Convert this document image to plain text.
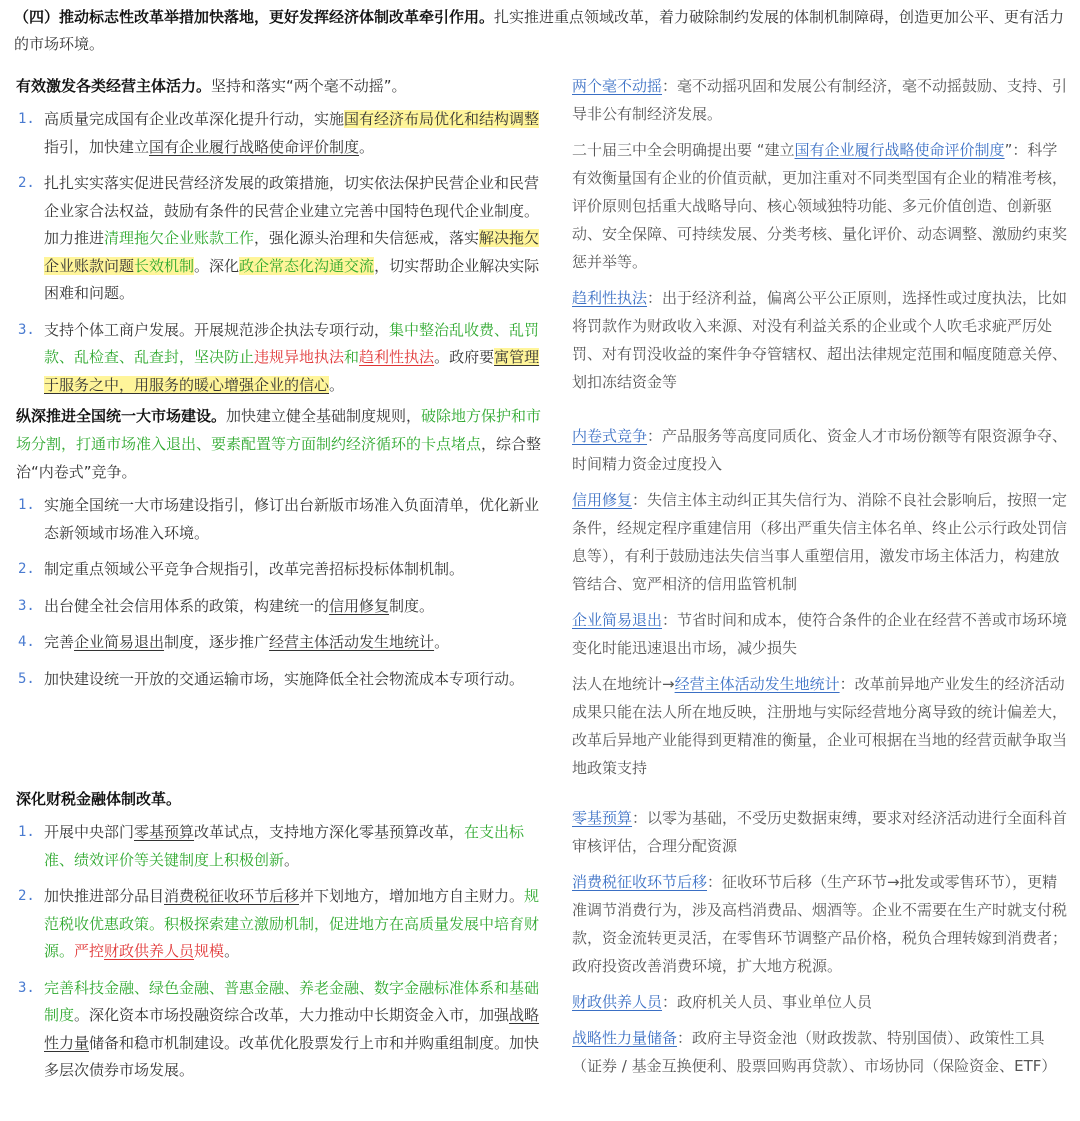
（四）推动标志性改革举措加快落地，更好发挥经济体制改革牵引作用。扎实推进重点领域改革，着力破除制约发展的体制机制障碍，创造更加公平、更有活力的市场环境。

有效激发各类经营主体活力。坚持和落实“两个毫不动摇”。

1. 高质量完成国有企业改革深化提升行动，实施国有经济布局优化和结构调整指引，加快建立国有企业履行战略使命评价制度。
2. 扎扎实实落实促进民营经济发展的政策措施，切实依法保护民营企业和民营企业家合法权益，鼓励有条件的民营企业建立完善中国特色现代企业制度。加力推进清理拖欠企业账款工作，强化源头治理和失信惩戒，落实解决拖欠企业账款问题长效机制。深化政企常态化沟通交流，切实帮助企业解决实际困难和问题。
3. 支持个体工商户发展。开展规范涉企执法专项行动，集中整治乱收费、乱罚款、乱检查、乱查封，坚决防止违规异地执法和趋利性执法。政府要寓管理于服务之中，用服务的暖心增强企业的信心。

纵深推进全国统一大市场建设。加快建立健全基础制度规则，破除地方保护和市场分割，打通市场准入退出、要素配置等方面制约经济循环的卡点堵点，综合整治“内卷式”竞争。

1. 实施全国统一大市场建设指引，修订出台新版市场准入负面清单，优化新业态新领域市场准入环境。
2. 制定重点领域公平竞争合规指引，改革完善招标投标体制机制。
3. 出台健全社会信用体系的政策，构建统一的信用修复制度。
4. 完善企业简易退出制度，逐步推广经营主体活动发生地统计。
5. 加快建设统一开放的交通运输市场，实施降低全社会物流成本专项行动。

深化财税金融体制改革。

1. 开展中央部门零基预算改革试点，支持地方深化零基预算改革，在支出标准、绩效评价等关键制度上积极创新。
2. 加快推进部分品目消费税征收环节后移并下划地方，增加地方自主财力。规范税收优惠政策。积极探索建立激励机制，促进地方在高质量发展中培育财源。严控财政供养人员规模。
3. 完善科技金融、绿色金融、普惠金融、养老金融、数字金融标准体系和基础制度。深化资本市场投融资综合改革，大力推动中长期资金入市，加强战略性力量储备和稳市机制建设。改革优化股票发行上市和并购重组制度。加快多层次债券市场发展。

两个毫不动摇：毫不动摇巩固和发展公有制经济，毫不动摇鼓励、支持、引导非公有制经济发展。

二十届三中全会明确提出要 “建立国有企业履行战略使命评价制度”：科学有效衡量国有企业的价值贡献，更加注重对不同类型国有企业的精准考核，评价原则包括重大战略导向、核心领域独特功能、多元价值创造、创新驱动、安全保障、可持续发展、分类考核、量化评价、动态调整、激励约束奖惩并举等。

趋利性执法：出于经济利益，偏离公平公正原则，选择性或过度执法，比如将罚款作为财政收入来源、对没有利益关系的企业或个人吹毛求疵严厉处罚、对有罚没收益的案件争夺管辖权、超出法律规定范围和幅度随意关停、划扣冻结资金等

内卷式竞争：产品服务等高度同质化、资金人才市场份额等有限资源争夺、时间精力资金过度投入

信用修复：失信主体主动纠正其失信行为、消除不良社会影响后，按照一定条件，经规定程序重建信用（移出严重失信主体名单、终止公示行政处罚信息等），有利于鼓励违法失信当事人重塑信用，激发市场主体活力，构建放管结合、宽严相济的信用监管机制

企业简易退出：节省时间和成本，使符合条件的企业在经营不善或市场环境变化时能迅速退出市场，减少损失

法人在地统计→经营主体活动发生地统计：改革前异地产业发生的经济活动成果只能在法人所在地反映，注册地与实际经营地分离导致的统计偏差大，改革后异地产业能得到更精准的衡量，企业可根据在当地的经营贡献争取当地政策支持

零基预算：以零为基础，不受历史数据束缚，要求对经济活动进行全面科首审核评估，合理分配资源

消费税征收环节后移：征收环节后移（生产环节→批发或零售环节），更精准调节消费行为，涉及高档消费品、烟酒等。企业不需要在生产时就支付税款，资金流转更灵活，在零售环节调整产品价格，税负合理转嫁到消费者；政府投资改善消费环境，扩大地方税源。

财政供养人员：政府机关人员、事业单位人员

战略性力量储备：政府主导资金池（财政拨款、特别国债）、政策性工具（证券 / 基金互换便利、股票回购再贷款）、市场协同（保险资金、ETF）
